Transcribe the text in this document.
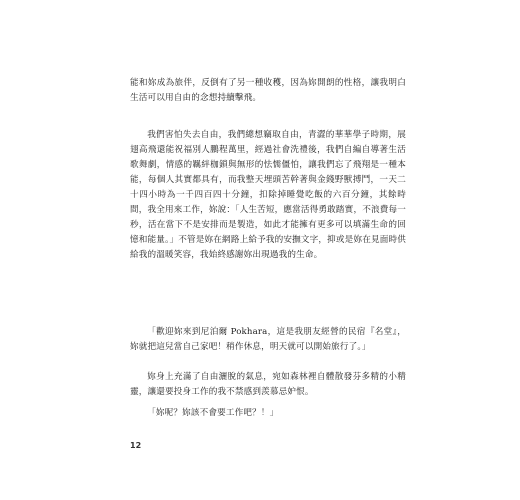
能和妳成為旅伴，反倒有了另一種收穫，因為妳開朗的性格，讓我明白生活可以用自由的念想持續擊飛。

我們害怕失去自由，我們總想竊取自由，青澀的華華學子時期，展翅高飛還能祝福別人鵬程萬里，經過社會洗禮後，我們自編自導著生活歌舞劇，情感的羈絆枷鎖與無形的怯懦僵怕，讓我們忘了飛翔是一種本能，每個人其實都具有，而我整天埋頭苦幹著與金錢野獸搏鬥，一天二十四小時為一千四百四十分鐘，扣除掉睡覺吃飯的六百分鐘，其餘時間，我全用來工作，妳說：「人生苦短，應當活得勇敢踏實，不浪費每一秒，活在當下不是安排而是製造，如此才能擁有更多可以填滿生命的回憶和能量。」不管是妳在網路上給予我的安撫文字，抑或是妳在見面時供給我的溫暖笑容，我始終感謝妳出現過我的生命。

「歡迎妳來到尼泊爾 Pokhara，這是我朋友經營的民宿『名堂』，妳就把這兒當自己家吧！稍作休息，明天就可以開始旅行了。」

妳身上充滿了自由灑脫的氣息，宛如森林裡自體散發芬多精的小精靈，讓還要投身工作的我不禁感到羨慕忌妒恨。

「妳呢？妳該不會要工作吧？！」

12
